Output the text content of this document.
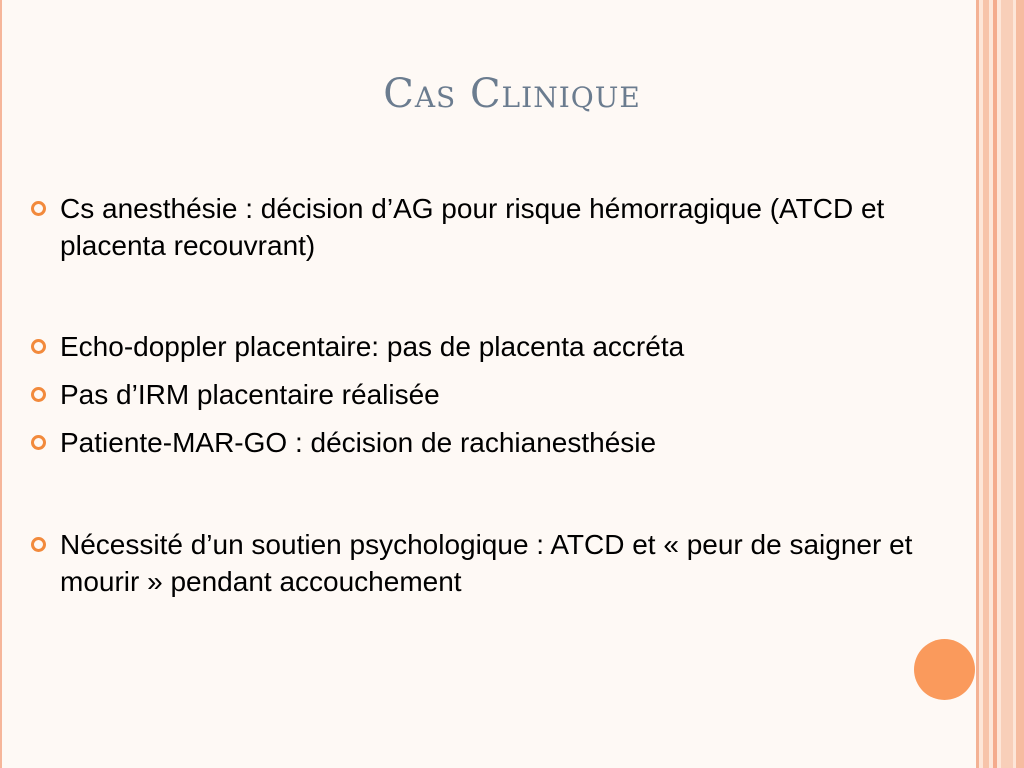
Cas Clinique
Cs anesthésie : décision d’AG pour risque hémorragique (ATCD et placenta recouvrant)
Echo-doppler placentaire: pas de placenta accréta
Pas d’IRM placentaire réalisée
Patiente-MAR-GO : décision de rachianesthésie
Nécessité d’un soutien psychologique : ATCD et « peur de saigner et mourir » pendant accouchement
